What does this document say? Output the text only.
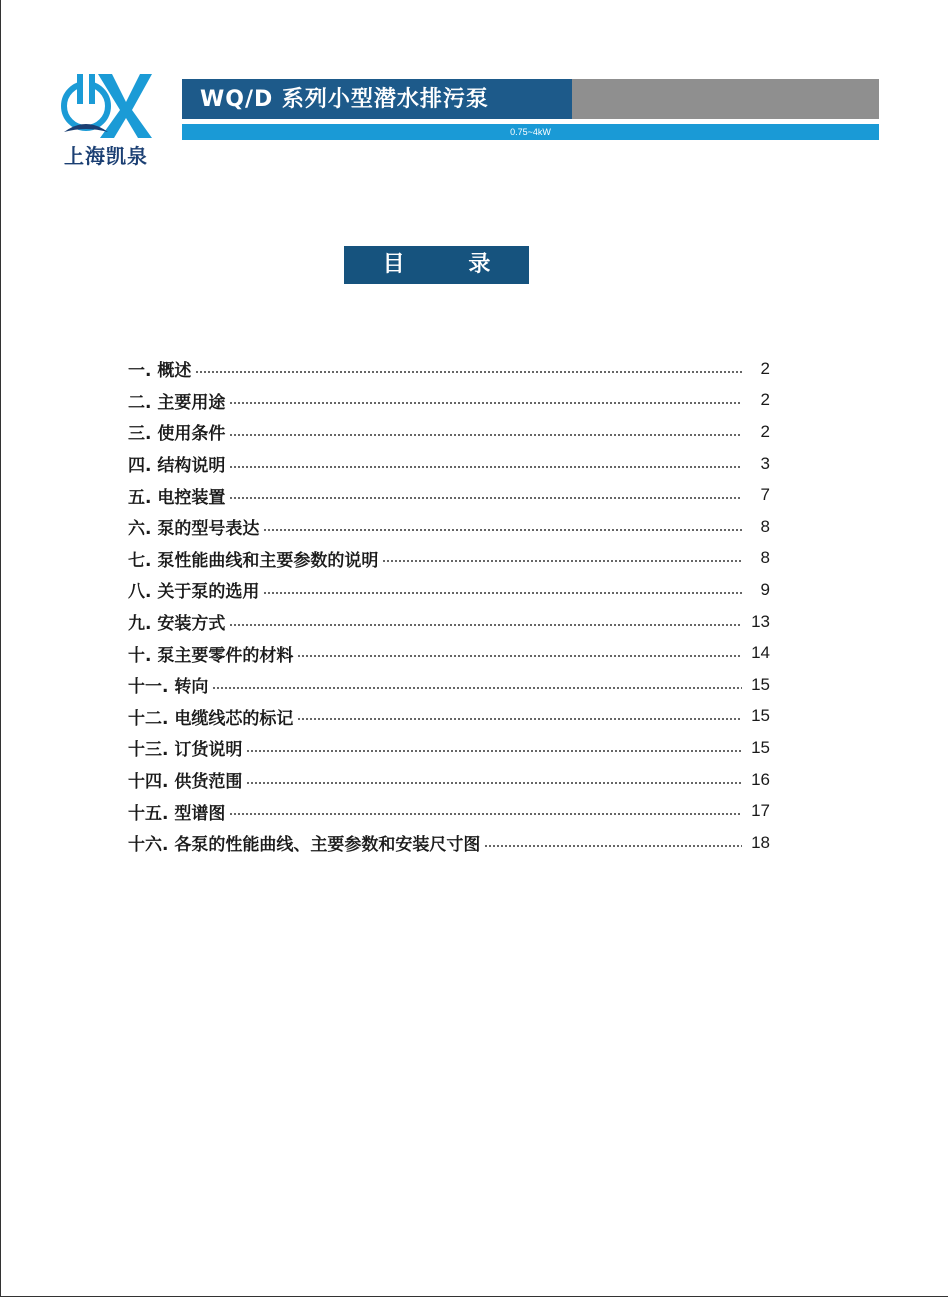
上海凯泉
WQ/D 系列小型潜水排污泵
0.75~4kW
目 录
一. 概述	2
二. 主要用途	2
三. 使用条件	2
四. 结构说明	3
五. 电控装置	7
六. 泵的型号表达	8
七. 泵性能曲线和主要参数的说明	8
八. 关于泵的选用	9
九. 安装方式	13
十. 泵主要零件的材料	14
十一. 转向	15
十二. 电缆线芯的标记	15
十三. 订货说明	15
十四. 供货范围	16
十五. 型谱图	17
十六. 各泵的性能曲线、主要参数和安装尺寸图	18
